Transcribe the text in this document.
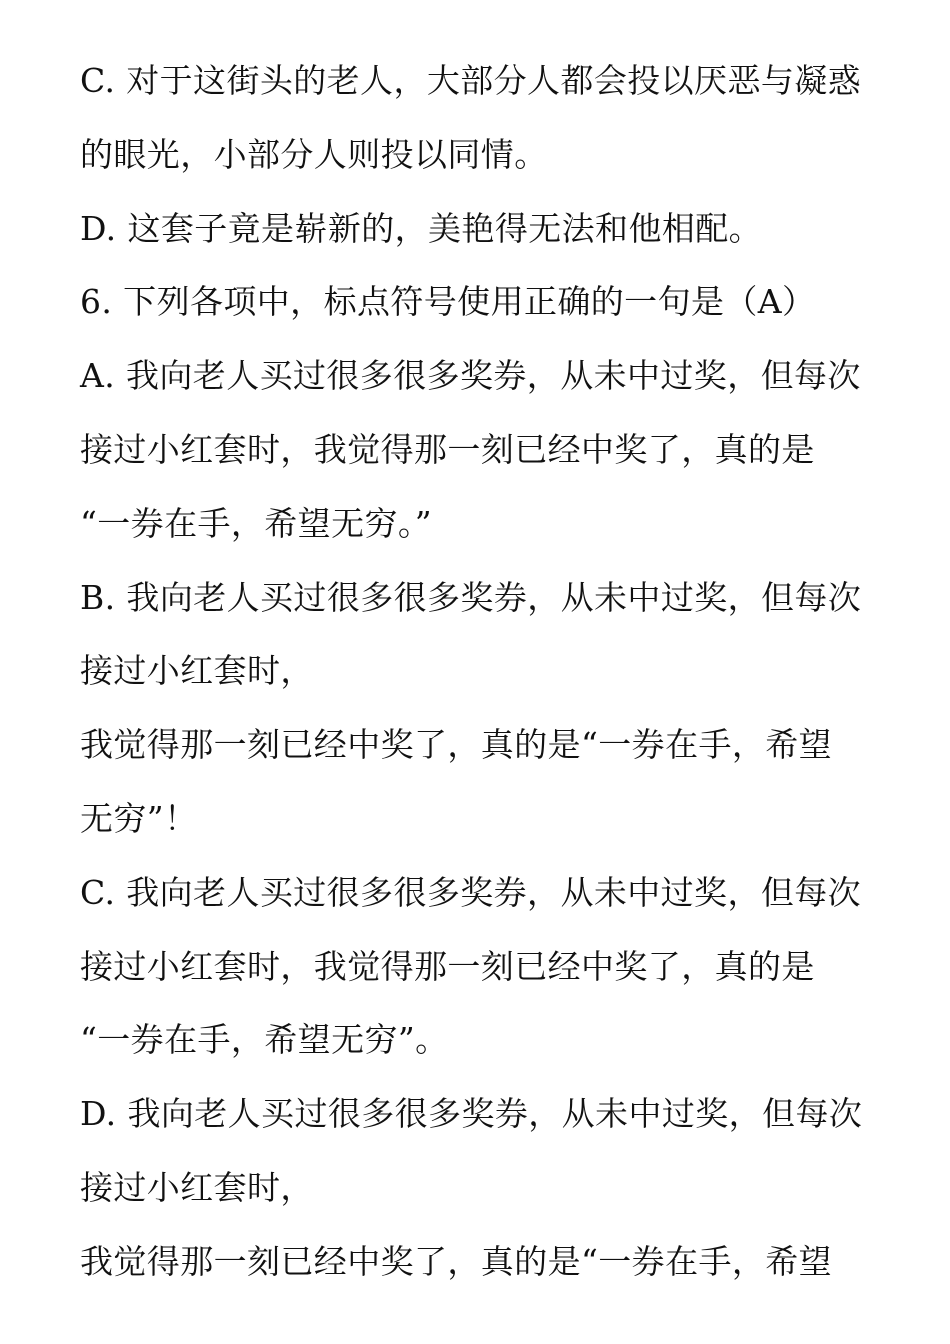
C. 对于这街头的老人，大部分人都会投以厌恶与凝惑
的眼光，小部分人则投以同情。
D. 这套子竟是崭新的，美艳得无法和他相配。
6. 下列各项中，标点符号使用正确的一句是（A）
A. 我向老人买过很多很多奖券，从未中过奖，但每次
接过小红套时，我觉得那一刻已经中奖了，真的是
“一券在手，希望无穷。”
B. 我向老人买过很多很多奖券，从未中过奖，但每次
接过小红套时，
我觉得那一刻已经中奖了，真的是“一券在手，希望
无穷”！
C. 我向老人买过很多很多奖券，从未中过奖，但每次
接过小红套时，我觉得那一刻已经中奖了，真的是
“一券在手，希望无穷”。
D. 我向老人买过很多很多奖券，从未中过奖，但每次
接过小红套时，
我觉得那一刻已经中奖了，真的是“一券在手，希望
